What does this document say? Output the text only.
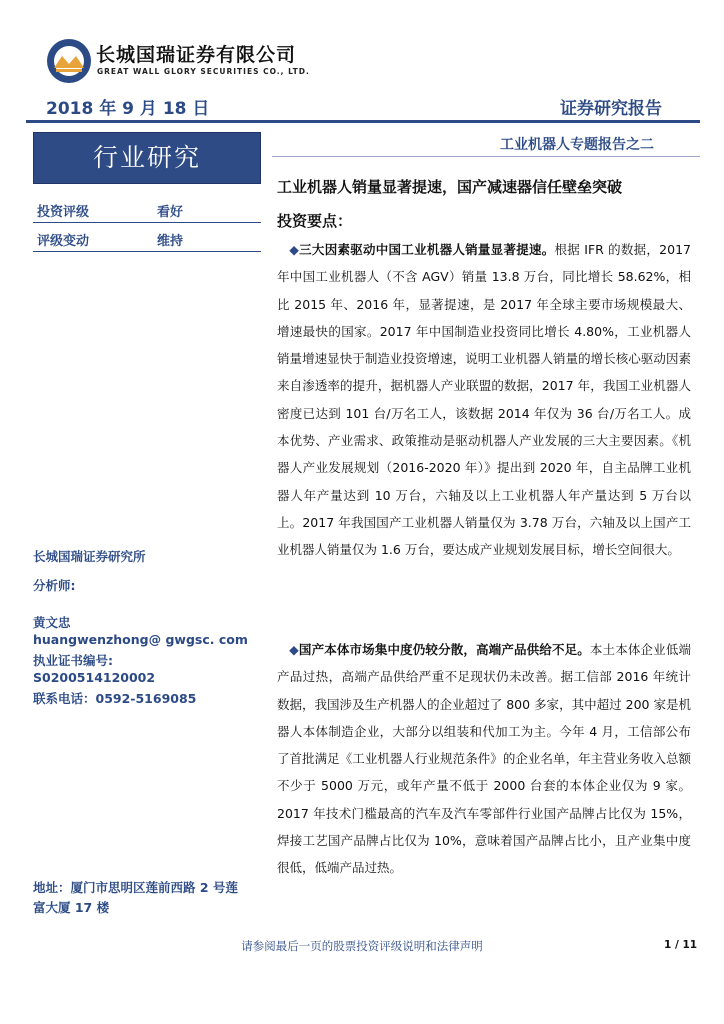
长城国瑞证券有限公司
GREAT WALL GLORY SECURITIES CO., LTD.
2018 年 9 月 18 日	证券研究报告
工业机器人专题报告之二
行业研究
投资评级	看好
评级变动	维持
长城国瑞证券研究所
分析师:
黄文忠
huangwenzhong@ gwgsc. com
执业证书编号:
S0200514120002
联系电话：0592-5169085
地址：厦门市思明区莲前西路 2 号莲富大厦 17 楼
工业机器人销量显著提速，国产减速器信任壁垒突破
投资要点：
◆三大因素驱动中国工业机器人销量显著提速。根据 IFR 的数据，2017 年中国工业机器人（不含 AGV）销量 13.8 万台，同比增长 58.62%，相比 2015 年、2016 年，显著提速，是 2017 年全球主要市场规模最大、增速最快的国家。2017 年中国制造业投资同比增长 4.80%，工业机器人销量增速显快于制造业投资增速，说明工业机器人销量的增长核心驱动因素来自渗透率的提升，据机器人产业联盟的数据，2017 年，我国工业机器人密度已达到 101 台/万名工人，该数据 2014 年仅为 36 台/万名工人。成本优势、产业需求、政策推动是驱动机器人产业发展的三大主要因素。《机器人产业发展规划（2016-2020 年）》提出到 2020 年，自主品牌工业机器人年产量达到 10 万台，六轴及以上工业机器人年产量达到 5 万台以上。2017 年我国国产工业机器人销量仅为 3.78 万台，六轴及以上国产工业机器人销量仅为 1.6 万台，要达成产业规划发展目标，增长空间很大。
◆国产本体市场集中度仍较分散，高端产品供给不足。本土本体企业低端产品过热，高端产品供给严重不足现状仍未改善。据工信部 2016 年统计数据，我国涉及生产机器人的企业超过了 800 多家，其中超过 200 家是机器人本体制造企业，大部分以组装和代加工为主。今年 4 月，工信部公布了首批满足《工业机器人行业规范条件》的企业名单，年主营业务收入总额不少于 5000 万元，或年产量不低于 2000 台套的本体企业仅为 9 家。2017 年技术门槛最高的汽车及汽车零部件行业国产品牌占比仅为 15%，焊接工艺国产品牌占比仅为 10%，意味着国产品牌占比小，且产业集中度很低，低端产品过热。
请参阅最后一页的股票投资评级说明和法律声明	1 / 11
